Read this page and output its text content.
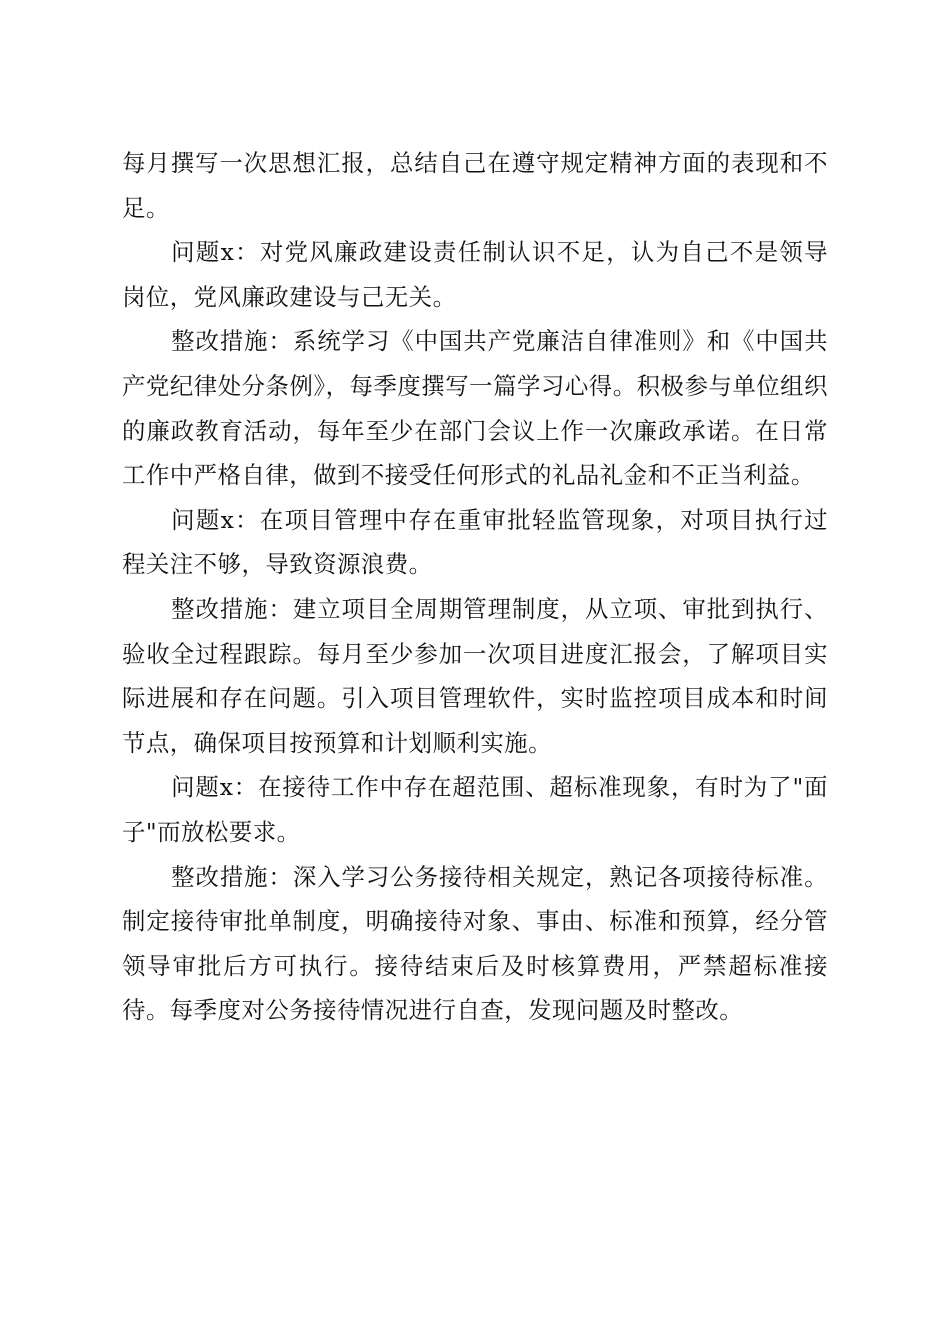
每月撰写一次思想汇报，总结自己在遵守规定精神方面的表现和不足。

问题x：对党风廉政建设责任制认识不足，认为自己不是领导岗位，党风廉政建设与己无关。

整改措施：系统学习《中国共产党廉洁自律准则》和《中国共产党纪律处分条例》，每季度撰写一篇学习心得。积极参与单位组织的廉政教育活动，每年至少在部门会议上作一次廉政承诺。在日常工作中严格自律，做到不接受任何形式的礼品礼金和不正当利益。

问题x：在项目管理中存在重审批轻监管现象，对项目执行过程关注不够，导致资源浪费。

整改措施：建立项目全周期管理制度，从立项、审批到执行、验收全过程跟踪。每月至少参加一次项目进度汇报会，了解项目实际进展和存在问题。引入项目管理软件，实时监控项目成本和时间节点，确保项目按预算和计划顺利实施。

问题x：在接待工作中存在超范围、超标准现象，有时为了"面子"而放松要求。

整改措施：深入学习公务接待相关规定，熟记各项接待标准。制定接待审批单制度，明确接待对象、事由、标准和预算，经分管领导审批后方可执行。接待结束后及时核算费用，严禁超标准接待。每季度对公务接待情况进行自查，发现问题及时整改。
